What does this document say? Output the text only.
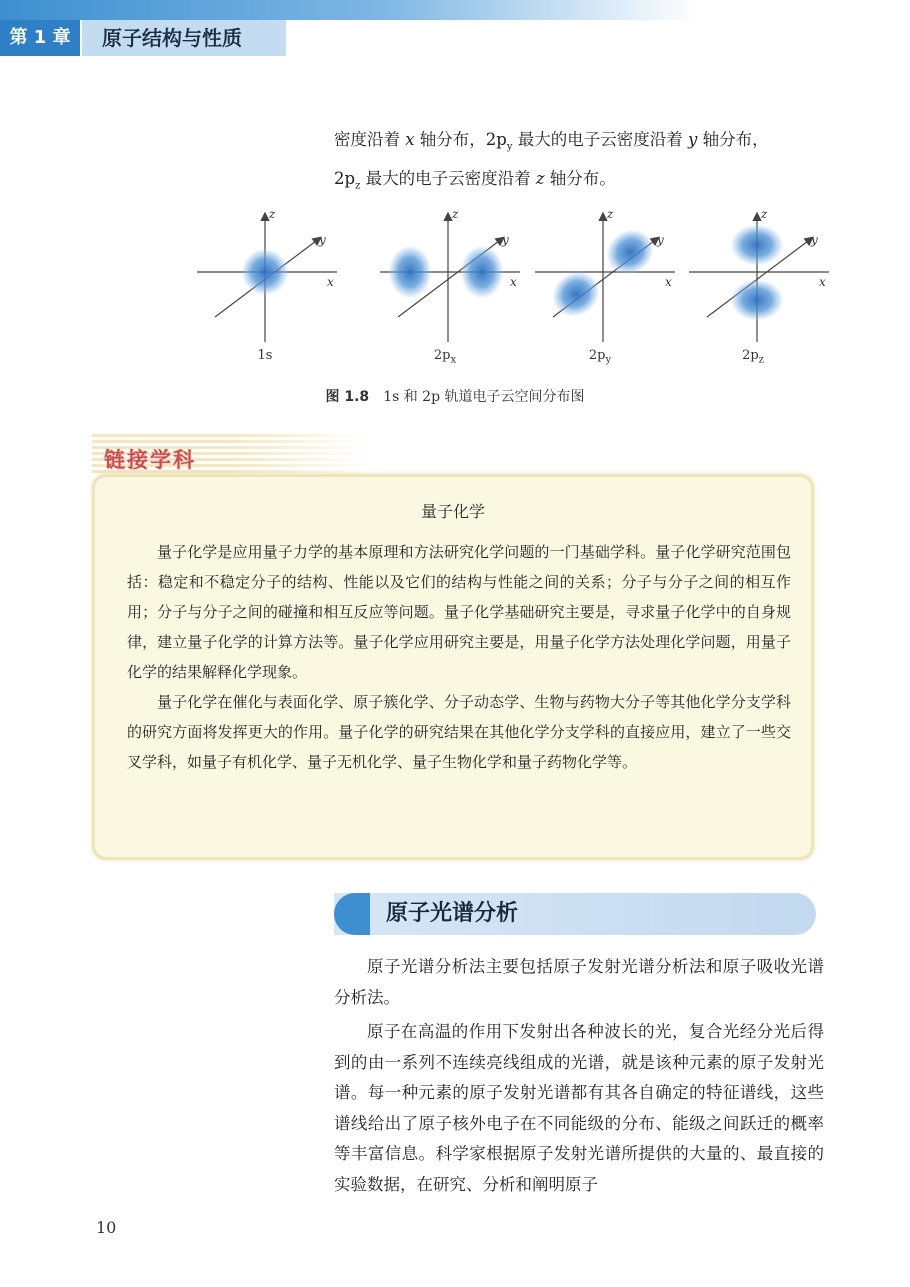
第 1 章	原子结构与性质

密度沿着 x 轴分布，$2p_y$ 最大的电子云密度沿着 y 轴分布，

$2p_z$ 最大的电子云密度沿着 z 轴分布。

x
y
z
x
y
z
x
y
z
x
y
z
1s	$2p_x$	$2p_y$	$2p_z$
图 1.8 1s 和 2p 轨道电子云空间分布图
链接学科
量子化学

量子化学是应用量子力学的基本原理和方法研究化学问题的一门基础学科。量子化学研究范围包括：稳定和不稳定分子的结构、性能以及它们的结构与性能之间的关系；分子与分子之间的相互作用；分子与分子之间的碰撞和相互反应等问题。量子化学基础研究主要是，寻求量子化学中的自身规律，建立量子化学的计算方法等。量子化学应用研究主要是，用量子化学方法处理化学问题，用量子化学的结果解释化学现象。

量子化学在催化与表面化学、原子簇化学、分子动态学、生物与药物大分子等其他化学分支学科的研究方面将发挥更大的作用。量子化学的研究结果在其他化学分支学科的直接应用，建立了一些交叉学科，如量子有机化学、量子无机化学、量子生物化学和量子药物化学等。

原子光谱分析

原子光谱分析法主要包括原子发射光谱分析法和原子吸收光谱分析法。

原子在高温的作用下发射出各种波长的光，复合光经分光后得到的由一系列不连续亮线组成的光谱，就是该种元素的原子发射光谱。每一种元素的原子发射光谱都有其各自确定的特征谱线，这些谱线给出了原子核外电子在不同能级的分布、能级之间跃迁的概率等丰富信息。科学家根据原子发射光谱所提供的大量的、最直接的实验数据，在研究、分析和阐明原子

10
